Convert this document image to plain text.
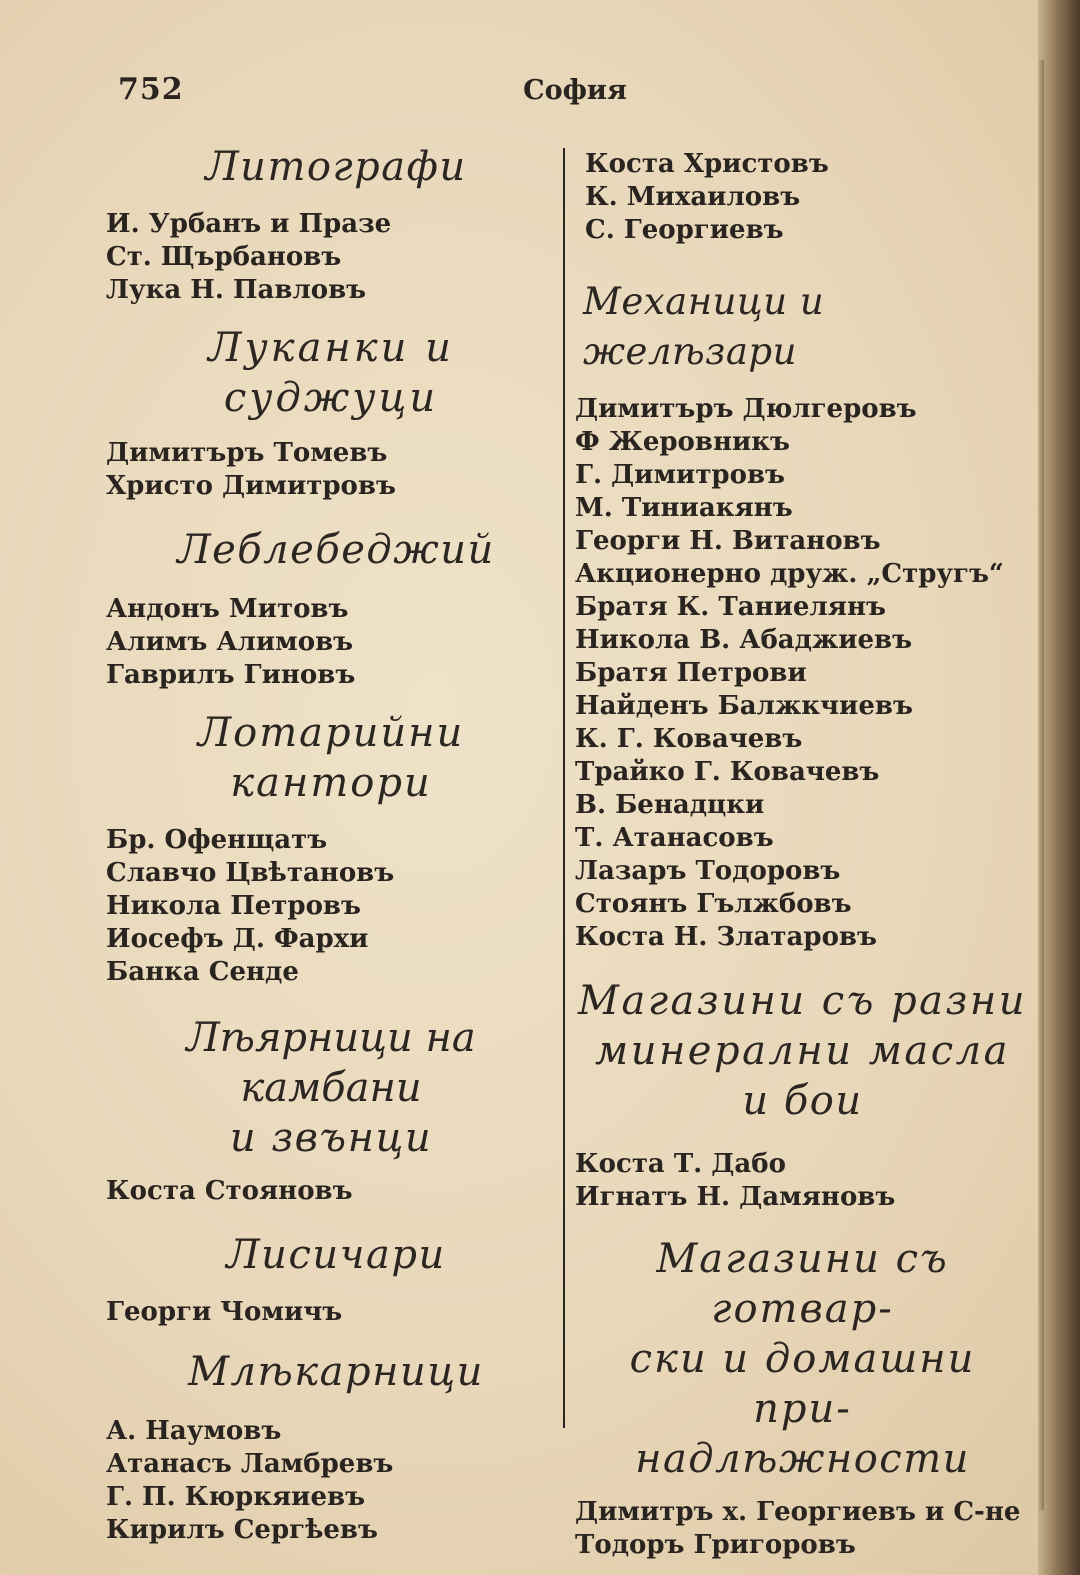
752	София
Литографи
И. Урбанъ и Празе
Ст. Щърбановъ
Лука Н. Павловъ
Луканки и суджуци
Димитъръ Томевъ
Христо Димитровъ
Леблебеджий
Андонъ Митовъ
Алимъ Алимовъ
Гаврилъ Гиновъ
Лотарийни кантори
Бр. Офенщатъ
Славчо Цвѣтановъ
Никола Петровъ
Иосефъ Д. Фархи
Банка Сенде
Лѣярници на камбани
и звънци
Коста Стояновъ
Лисичари
Георги Чомичъ
Млѣкарници
А. Наумовъ
Атанасъ Ламбревъ
Г. П. Кюркяиевъ
Кирилъ Сергѣевъ
Коста Христовъ
К. Михаиловъ
С. Георгиевъ
Механици и желѣзари
Димитъръ Дюлгеровъ
Ф Жеровникъ
Г. Димитровъ
М. Тиниакянъ
Георги Н. Витановъ
Акционерно друж. „Стругъ“
Братя К. Таниелянъ
Никола В. Абаджиевъ
Братя Петрови
Найденъ Балжкчиевъ
К. Г. Ковачевъ
Трайко Г. Ковачевъ
В. Бенадцки
Т. Атанасовъ
Лазаръ Тодоровъ
Стоянъ Гължбовъ
Коста Н. Златаровъ
Магазини съ разни
минерални масла
и бои
Коста Т. Дабо
Игнатъ Н. Дамяновъ
Магазини съ готвар-
ски и домашни при-
надлѣжности
Димитръ х. Георгиевъ и С-не
Тодоръ Григоровъ
